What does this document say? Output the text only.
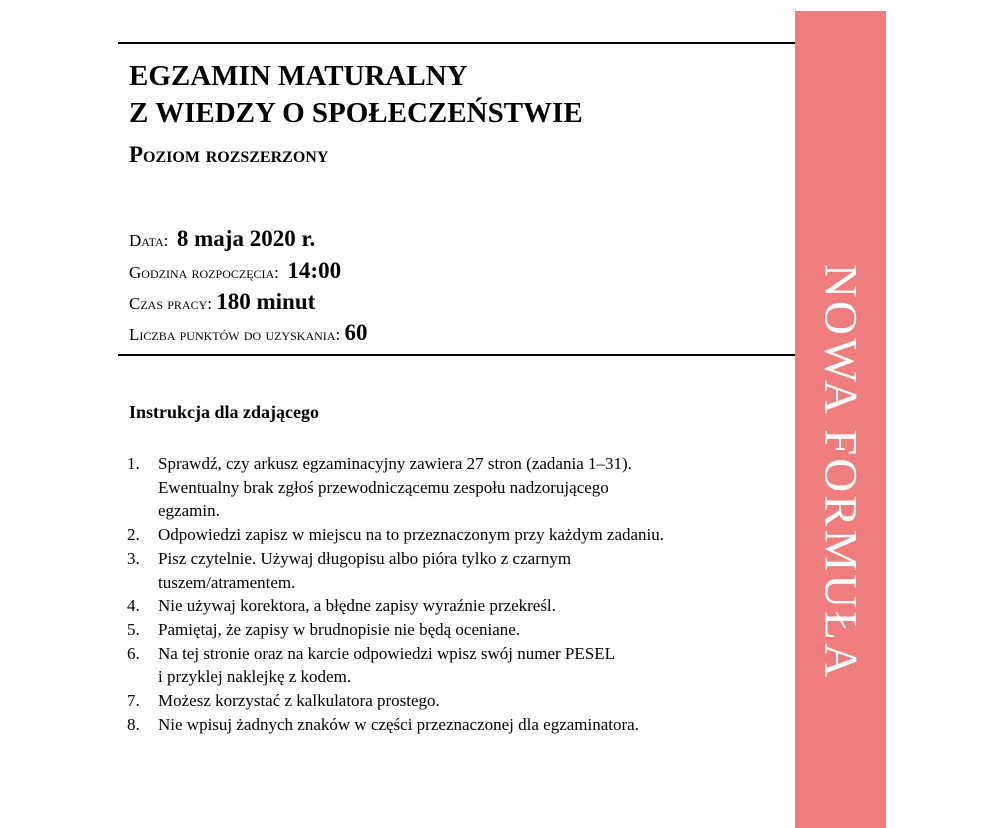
EGZAMIN MATURALNY
Z WIEDZY O SPOŁECZEŃSTWIE

Poziom rozszerzony

Data: 8 maja 2020 r.
Godzina rozpoczęcia: 14:00
Czas pracy: 180 minut
Liczba punktów do uzyskania: 60
Instrukcja dla zdającego
1.	Sprawdź, czy arkusz egzaminacyjny zawiera 27 stron (zadania 1–31).
Ewentualny brak zgłoś przewodniczącemu zespołu nadzorującego
egzamin.
2.	Odpowiedzi zapisz w miejscu na to przeznaczonym przy każdym zadaniu.
3.	Pisz czytelnie. Używaj długopisu albo pióra tylko z czarnym
tuszem/atramentem.
4.	Nie używaj korektora, a błędne zapisy wyraźnie przekreśl.
5.	Pamiętaj, że zapisy w brudnopisie nie będą oceniane.
6.	Na tej stronie oraz na karcie odpowiedzi wpisz swój numer PESEL
i przyklej naklejkę z kodem.
7.	Możesz korzystać z kalkulatora prostego.
8.	Nie wpisuj żadnych znaków w części przeznaczonej dla egzaminatora.
NOWA FORMUŁA
